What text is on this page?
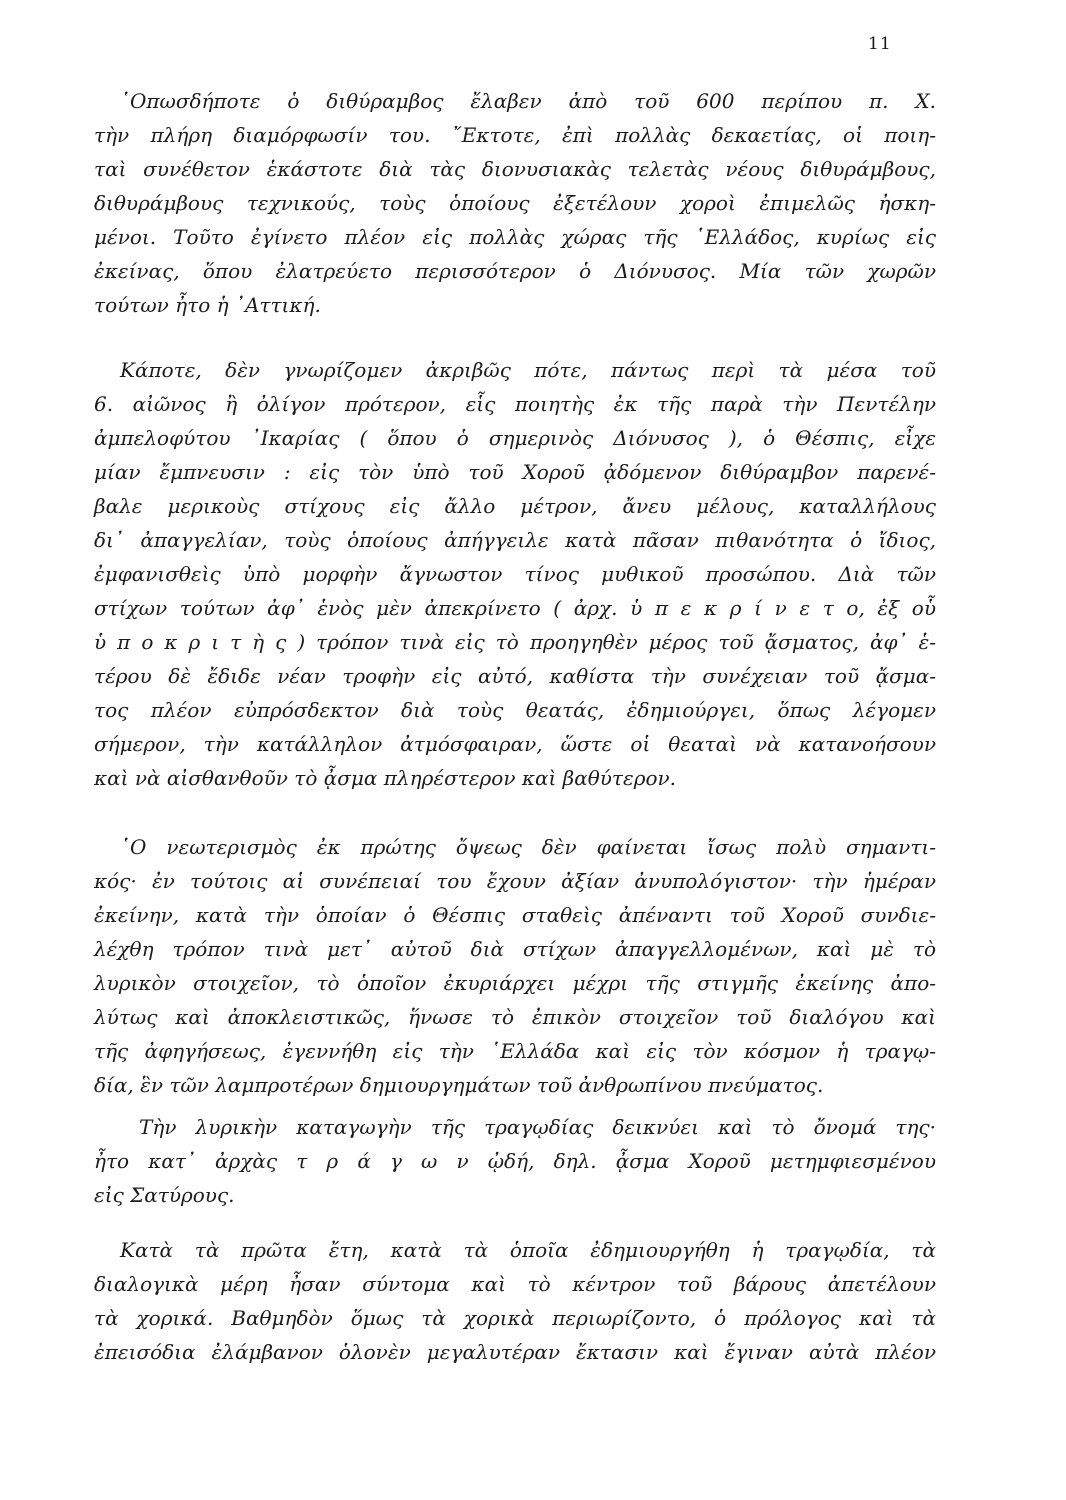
11
῾Οπωσδήποτε ὁ διθύραμβος ἔλαβεν ἀπὸ τοῦ 600 περίπου π. Χ.
τὴν πλήρη διαμόρφωσίν του. ῎Εκτοτε, ἐπὶ πολλὰς δεκαετίας, οἱ ποιη-
ταὶ συνέθετον ἑκάστοτε διὰ τὰς διονυσιακὰς τελετὰς νέους διθυράμβους,
διθυράμβους τεχνικούς, τοὺς ὁποίους ἐξετέλουν χοροὶ ἐπιμελῶς ἠσκη-
μένοι. Τοῦτο ἐγίνετο πλέον εἰς πολλὰς χώρας τῆς ῾Ελλάδος, κυρίως εἰς
ἐκείνας, ὅπου ἐλατρεύετο περισσότερον ὁ Διόνυσος. Μία τῶν χωρῶν
τούτων ἦτο ἡ ᾿Αττική.
Κάποτε, δὲν γνωρίζομεν ἀκριβῶς πότε, πάντως περὶ τὰ μέσα τοῦ
6. αἰῶνος ἢ ὀλίγον πρότερον, εἷς ποιητὴς ἐκ τῆς παρὰ τὴν Πεντέλην
ἀμπελοφύτου ᾿Ικαρίας ( ὅπου ὁ σημερινὸς Διόνυσος ), ὁ Θέσπις, εἶχε
μίαν ἔμπνευσιν : εἰς τὸν ὑπὸ τοῦ Χοροῦ ᾀδόμενον διθύραμβον παρενέ-
βαλε μερικοὺς στίχους εἰς ἄλλο μέτρον, ἄνευ μέλους, καταλλήλους
δι᾿ ἀπαγγελίαν, τοὺς ὁποίους ἀπήγγειλε κατὰ πᾶσαν πιθανότητα ὁ ἴδιος,
ἐμφανισθεὶς ὑπὸ μορφὴν ἄγνωστον τίνος μυθικοῦ προσώπου. Διὰ τῶν
στίχων τούτων ἀφ᾿ ἑνὸς μὲν ἀπεκρίνετο ( ἀρχ. ὑ π ε κ ρ ί ν ε τ ο, ἐξ οὗ
ὑ π ο κ ρ ι τ ὴ ς ) τρόπον τινὰ εἰς τὸ προηγηθὲν μέρος τοῦ ᾄσματος, ἀφ᾿ ἑ-
τέρου δὲ ἔδιδε νέαν τροφὴν εἰς αὐτό, καθίστα τὴν συνέχειαν τοῦ ᾄσμα-
τος πλέον εὐπρόσδεκτον διὰ τοὺς θεατάς, ἐδημιούργει, ὅπως λέγομεν
σήμερον, τὴν κατάλληλον ἀτμόσφαιραν, ὥστε οἱ θεαταὶ νὰ κατανοήσουν
καὶ νὰ αἰσθανθοῦν τὸ ᾆσμα πληρέστερον καὶ βαθύτερον.
῾Ο νεωτερισμὸς ἐκ πρώτης ὄψεως δὲν φαίνεται ἴσως πολὺ σημαντι-
κός· ἐν τούτοις αἱ συνέπειαί του ἔχουν ἀξίαν ἀνυπολόγιστον· τὴν ἡμέραν
ἐκείνην, κατὰ τὴν ὁποίαν ὁ Θέσπις σταθεὶς ἀπέναντι τοῦ Χοροῦ συνδιε-
λέχθη τρόπον τινὰ μετ᾿ αὐτοῦ διὰ στίχων ἀπαγγελλομένων, καὶ μὲ τὸ
λυρικὸν στοιχεῖον, τὸ ὁποῖον ἐκυριάρχει μέχρι τῆς στιγμῆς ἐκείνης ἀπο-
λύτως καὶ ἀποκλειστικῶς, ἥνωσε τὸ ἐπικὸν στοιχεῖον τοῦ διαλόγου καὶ
τῆς ἀφηγήσεως, ἐγεννήθη εἰς τὴν ῾Ελλάδα καὶ εἰς τὸν κόσμον ἡ τραγῳ-
δία, ἓν τῶν λαμπροτέρων δημιουργημάτων τοῦ ἀνθρωπίνου πνεύματος.
Τὴν λυρικὴν καταγωγὴν τῆς τραγῳδίας δεικνύει καὶ τὸ ὄνομά της·
ἦτο κατ᾿ ἀρχὰς τ ρ ά γ ω ν ᾠδή, δηλ. ᾆσμα Χοροῦ μετημφιεσμένου
εἰς Σατύρους.
Κατὰ τὰ πρῶτα ἔτη, κατὰ τὰ ὁποῖα ἐδημιουργήθη ἡ τραγῳδία, τὰ
διαλογικὰ μέρη ἦσαν σύντομα καὶ τὸ κέντρον τοῦ βάρους ἀπετέλουν
τὰ χορικά. Βαθμηδὸν ὅμως τὰ χορικὰ περιωρίζοντο, ὁ πρόλογος καὶ τὰ
ἐπεισόδια ἐλάμβανον ὁλονὲν μεγαλυτέραν ἔκτασιν καὶ ἔγιναν αὐτὰ πλέον
